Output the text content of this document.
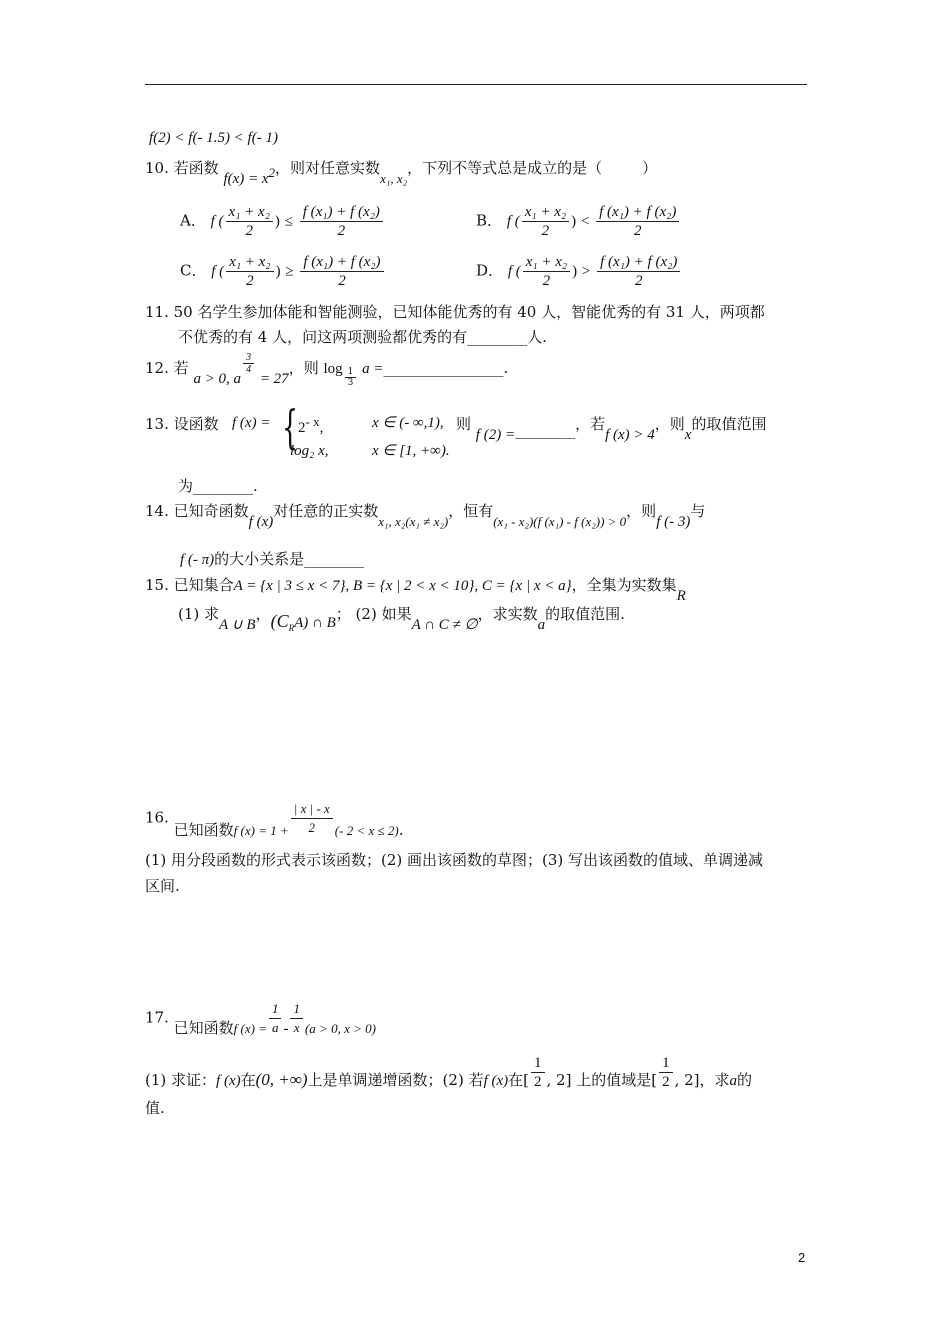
f(2) < f(- 1.5) < f(- 1)
10. 若函数 $f(x) = x^2$，则对任意实数x₁, x₂，下列不等式总是成立的是（	）
A． f ( $\frac{\text{x₁ + x₂}}{2}$ ) ≤ $\frac{\text{f (x₁) + f (x₂)}}{2}$	B． f ( $\frac{\text{x₁ + x₂}}{2}$ ) < $\frac{\text{f (x₁) + f (x₂)}}{2}$
C． f ( $\frac{\text{x₁ + x₂}}{2}$ ) ≥ $\frac{\text{f (x₁) + f (x₂)}}{2}$	D． f ( $\frac{\text{x₁ + x₂}}{2}$ ) > $\frac{\text{f (x₁) + f (x₂)}}{2}$
11. 50 名学生参加体能和智能测验，已知体能优秀的有 40 人，智能优秀的有 31 人，两项都
不优秀的有 4 人，问这两项测验都优秀的有________人.
12. 若 a > 0, a
$\frac{3}{4}$
= 27，则 $\log \frac{1}{3}$ a =________________.
13. 设函数 f (x) = { $2^{- x}$,	x ∈ (- ∞,1),
log₂ x,	x ∈ [1, +∞).
则 f (2) =________，若f (x) > 4，则x的取值范围
为________.
14. 已知奇函数f (x)对任意的正实数x₁, x₂(x₁ ≠ x₂)，恒有(x₁ - x₂)(f (x₁) - f (x₂)) > 0，则f (- 3)与
f (- π)的大小关系是________
15. 已知集合A = {x | 3 ≤ x < 7}, B = {x | 2 < x < 10}, C = {x | x < a}，全集为实数集R
(1) 求A ∪ B，$(C_RA)$ ∩ B； (2) 如果A ∩ C ≠ ∅，求实数a的取值范围.
16. 已知函数f $(x) = 1 + \frac{| x | - x}{2}$ (- 2 < x ≤ 2).
(1) 用分段函数的形式表示该函数；(2) 画出该函数的草图；(3) 写出该函数的值域、单调递减
区间.
17. 已知函数f $(x) = \frac{1}{a} - \frac{1}{x} (a > 0$, x > 0)
(1) 求证：f (x)在(0, +∞)上是单调递增函数；(2) 若f (x)在[ $\frac{1}{2}$ , 2] 上的值域是[ $\frac{1}{2}$ , 2]，求a的
值.
2
